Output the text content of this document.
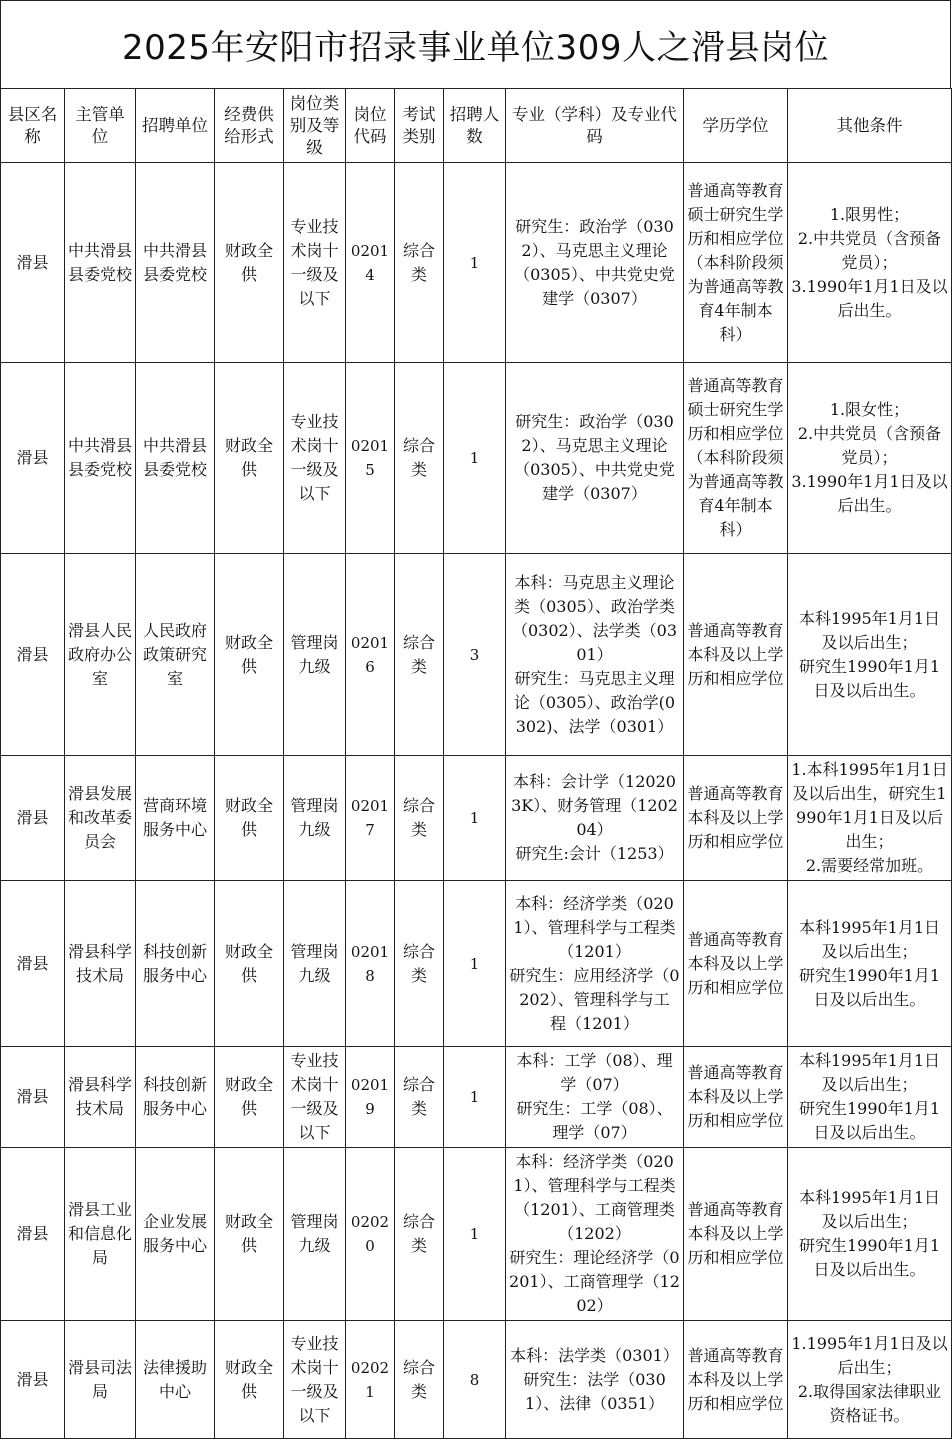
2025年安阳市招录事业单位309人之滑县岗位
县区名称	主管单位	招聘单位	经费供给形式	岗位类别及等级	岗位代码	考试类别	招聘人数	专业（学科）及专业代码	学历学位	其他条件
滑县	中共滑县县委党校	中共滑县县委党校	财政全供	专业技术岗十一级及以下	02014	综合类	1	研究生：政治学（0302）、马克思主义理论（0305）、中共党史党建学（0307）	普通高等教育硕士研究生学历和相应学位（本科阶段须为普通高等教育4年制本科）	1.限男性；
2.中共党员（含预备党员）；
3.1990年1月1日及以后出生。
滑县	中共滑县县委党校	中共滑县县委党校	财政全供	专业技术岗十一级及以下	02015	综合类	1	研究生：政治学（0302）、马克思主义理论（0305）、中共党史党建学（0307）	普通高等教育硕士研究生学历和相应学位（本科阶段须为普通高等教育4年制本科）	1.限女性；
2.中共党员（含预备党员）；
3.1990年1月1日及以后出生。
滑县	滑县人民政府办公室	人民政府政策研究室	财政全供	管理岗九级	02016	综合类	3	本科：马克思主义理论类（0305）、政治学类（0302）、法学类（0301）
研究生：马克思主义理论（0305）、政治学(0302)、法学（0301）	普通高等教育本科及以上学历和相应学位	本科1995年1月1日及以后出生；
研究生1990年1月1日及以后出生。
滑县	滑县发展和改革委员会	营商环境服务中心	财政全供	管理岗九级	02017	综合类	1	本科：会计学（120203K）、财务管理（120204）
研究生:会计（1253）	普通高等教育本科及以上学历和相应学位	1.本科1995年1月1日及以后出生，研究生1990年1月1日及以后出生；
2.需要经常加班。
滑县	滑县科学技术局	科技创新服务中心	财政全供	管理岗九级	02018	综合类	1	本科：经济学类（0201）、管理科学与工程类（1201）
研究生：应用经济学（0202）、管理科学与工
程（1201）	普通高等教育本科及以上学历和相应学位	本科1995年1月1日及以后出生；
研究生1990年1月1日及以后出生。
滑县	滑县科学技术局	科技创新服务中心	财政全供	专业技术岗十一级及以下	02019	综合类	1	本科：工学（08）、理学（07）
研究生：工学（08）、理学（07）	普通高等教育本科及以上学历和相应学位	本科1995年1月1日及以后出生；
研究生1990年1月1日及以后出生。
滑县	滑县工业和信息化局	企业发展服务中心	财政全供	管理岗九级	02020	综合类	1	本科：经济学类（0201）、管理科学与工程类（1201）、工商管理类（1202）
研究生：理论经济学（0201）、工商管理学（1202）	普通高等教育本科及以上学历和相应学位	本科1995年1月1日及以后出生；
研究生1990年1月1日及以后出生。
滑县	滑县司法局	法律援助中心	财政全供	专业技术岗十一级及以下	02021	综合类	8	本科：法学类（0301）
研究生：法学（0301）、法律（0351）	普通高等教育本科及以上学历和相应学位	1.1995年1月1日及以后出生；
2.取得国家法律职业资格证书。
